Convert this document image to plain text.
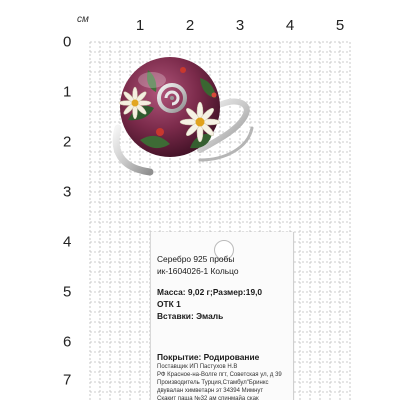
см	1	2	3	4	5
0
1
2
3
4
5
6
7
Серебро 925 пробы
ик-1604026-1 Кольцо
Масса: 9,02 г;Размер:19,0
ОТК 1
Вставки: Эмаль
Покрытие: Родирование
Поставщик ИП Пастухов Н.В
РФ Красное-на-Волге пгт, Советская ул, д 39
Производитель Турция,Стамбул"Бринкс
двувалан химветарн эт 34394 Мимнут
Скакит паша №32 ам спинмайа скак
